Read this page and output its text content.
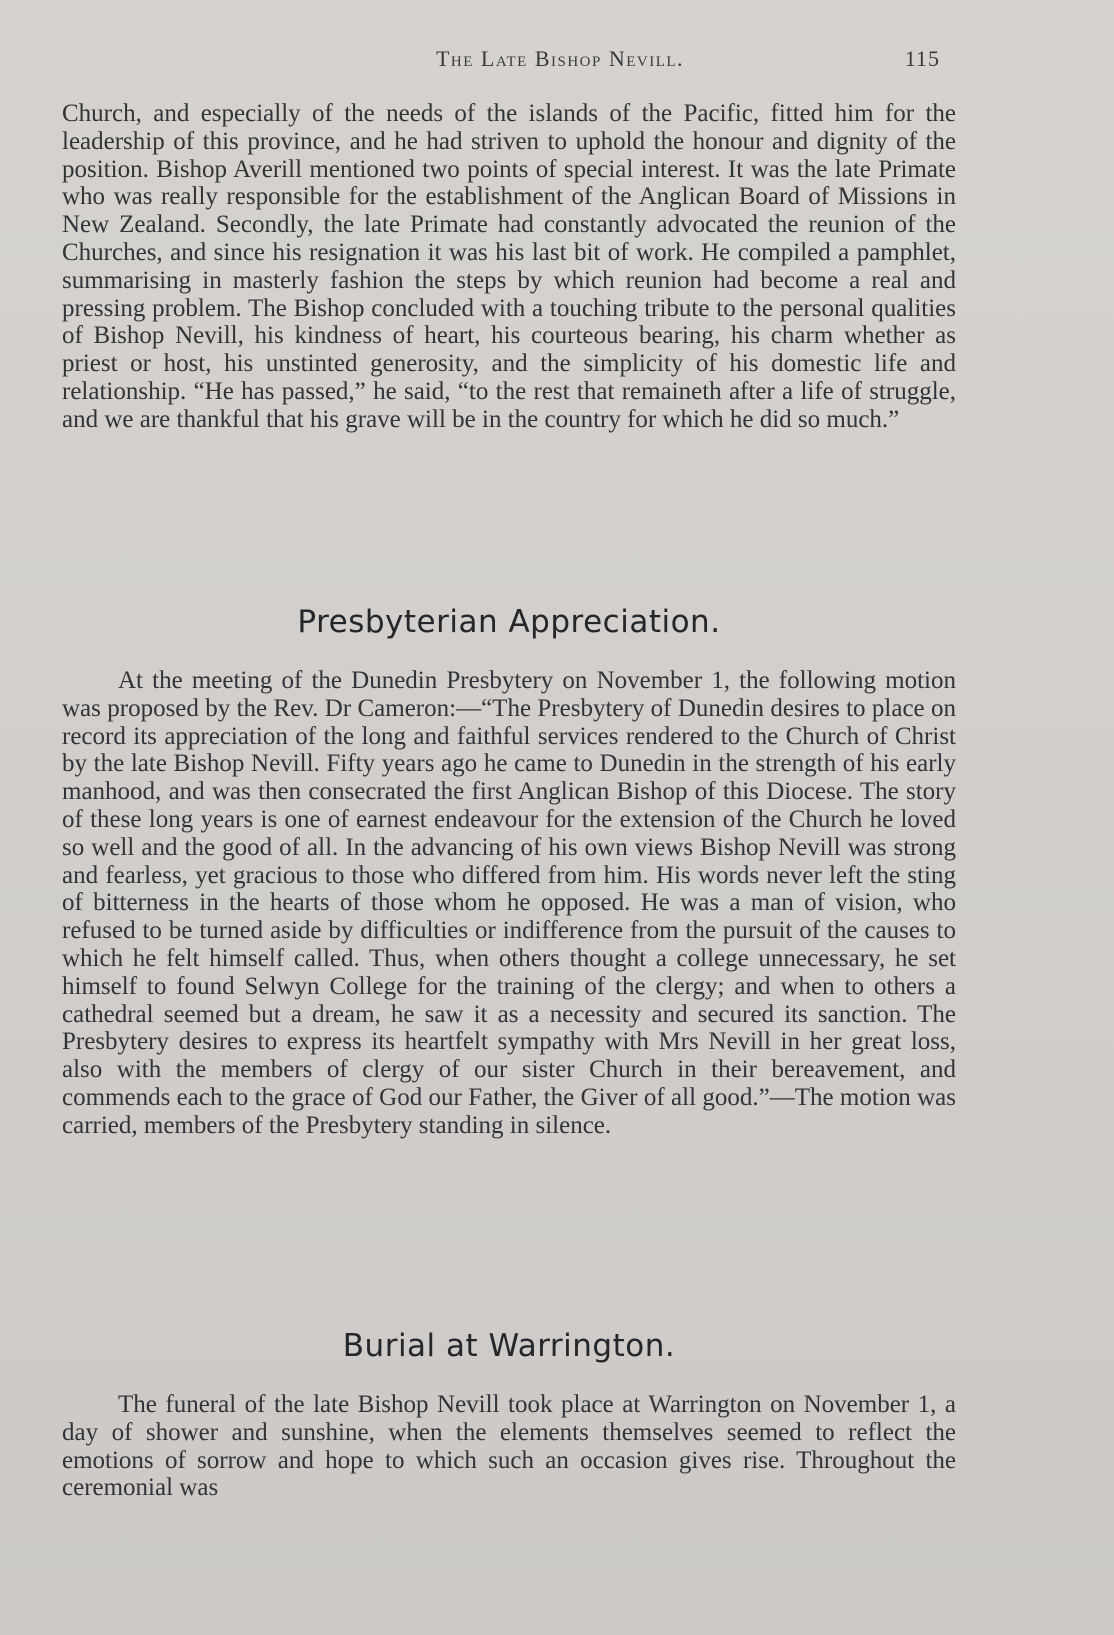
The Late Bishop Nevill.	115

Church, and especially of the needs of the islands of the Pacific, fitted him for the leadership of this province, and he had striven to uphold the honour and dignity of the position. Bishop Averill mentioned two points of special interest. It was the late Primate who was really responsible for the establishment of the Anglican Board of Missions in New Zealand. Secondly, the late Primate had constantly advocated the reunion of the Churches, and since his resignation it was his last bit of work. He compiled a pamphlet, summarising in masterly fashion the steps by which reunion had become a real and pressing problem. The Bishop concluded with a touching tribute to the personal qualities of Bishop Nevill, his kindness of heart, his courteous bearing, his charm whether as priest or host, his unstinted generosity, and the simplicity of his domestic life and relationship. “He has passed,” he said, “to the rest that remaineth after a life of struggle, and we are thankful that his grave will be in the country for which he did so much.”

Presbyterian Appreciation.

At the meeting of the Dunedin Presbytery on November 1, the following motion was proposed by the Rev. Dr Cameron:—“The Presbytery of Dunedin desires to place on record its appreciation of the long and faithful services rendered to the Church of Christ by the late Bishop Nevill. Fifty years ago he came to Dunedin in the strength of his early manhood, and was then consecrated the first Anglican Bishop of this Diocese. The story of these long years is one of earnest endeavour for the extension of the Church he loved so well and the good of all. In the advancing of his own views Bishop Nevill was strong and fearless, yet gracious to those who differed from him. His words never left the sting of bitterness in the hearts of those whom he opposed. He was a man of vision, who refused to be turned aside by difficulties or indifference from the pursuit of the causes to which he felt himself called. Thus, when others thought a college unnecessary, he set himself to found Selwyn College for the training of the clergy; and when to others a cathedral seemed but a dream, he saw it as a necessity and secured its sanction. The Presbytery desires to express its heartfelt sympathy with Mrs Nevill in her great loss, also with the members of clergy of our sister Church in their bereavement, and commends each to the grace of God our Father, the Giver of all good.”—The motion was carried, members of the Presbytery standing in silence.

Burial at Warrington.

The funeral of the late Bishop Nevill took place at Warrington on November 1, a day of shower and sunshine, when the elements themselves seemed to reflect the emotions of sorrow and hope to which such an occasion gives rise. Throughout the ceremonial was
